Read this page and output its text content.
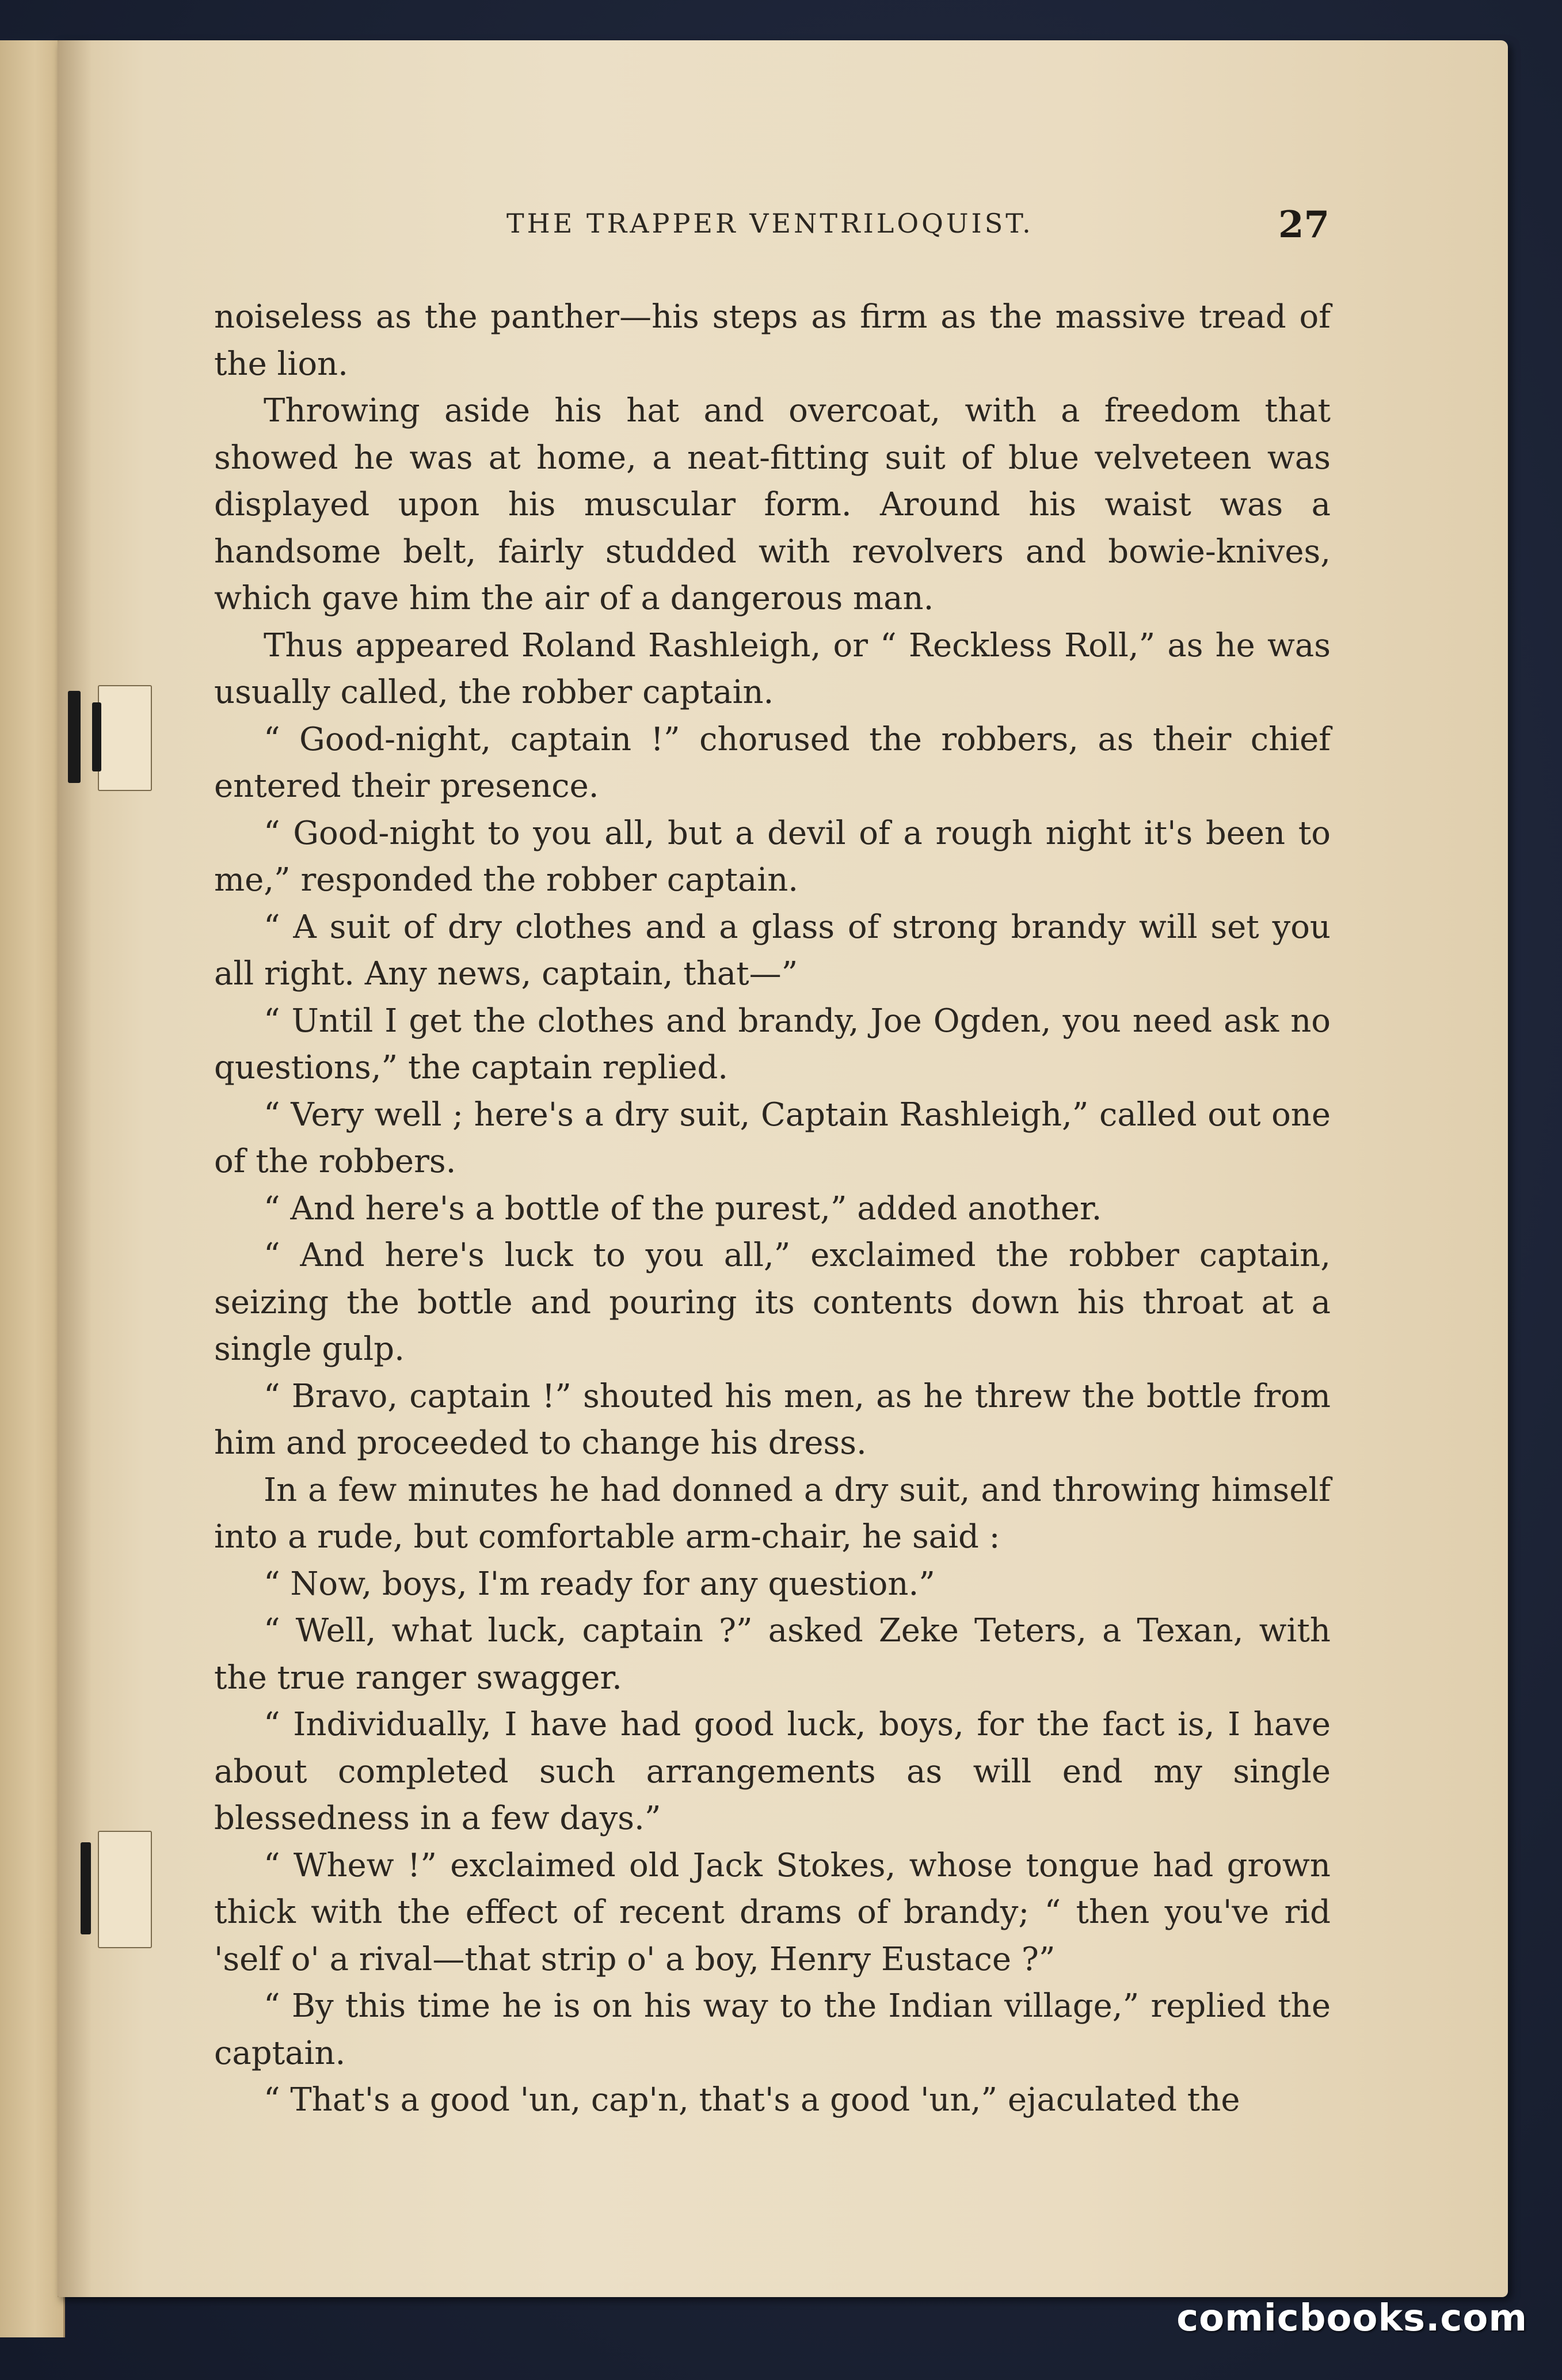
THE TRAPPER VENTRILOQUIST.	27

noiseless as the panther—his steps as firm as the massive tread of the lion.

Throwing aside his hat and overcoat, with a freedom that showed he was at home, a neat-fitting suit of blue velveteen was displayed upon his muscular form. Around his waist was a handsome belt, fairly studded with revolvers and bowie-knives, which gave him the air of a dangerous man.

Thus appeared Roland Rashleigh, or “ Reckless Roll,” as he was usually called, the robber captain.

“ Good-night, captain !” chorused the robbers, as their chief entered their presence.

“ Good-night to you all, but a devil of a rough night it's been to me,” responded the robber captain.

“ A suit of dry clothes and a glass of strong brandy will set you all right. Any news, captain, that—”

“ Until I get the clothes and brandy, Joe Ogden, you need ask no questions,” the captain replied.

“ Very well ; here's a dry suit, Captain Rashleigh,” called out one of the robbers.

“ And here's a bottle of the purest,” added another.

“ And here's luck to you all,” exclaimed the robber captain, seizing the bottle and pouring its contents down his throat at a single gulp.

“ Bravo, captain !” shouted his men, as he threw the bottle from him and proceeded to change his dress.

In a few minutes he had donned a dry suit, and throwing himself into a rude, but comfortable arm-chair, he said :

“ Now, boys, I'm ready for any question.”

“ Well, what luck, captain ?” asked Zeke Teters, a Texan, with the true ranger swagger.

“ Individually, I have had good luck, boys, for the fact is, I have about completed such arrangements as will end my single blessedness in a few days.”

“ Whew !” exclaimed old Jack Stokes, whose tongue had grown thick with the effect of recent drams of brandy; “ then you've rid 'self o' a rival—that strip o' a boy, Henry Eustace ?”

“ By this time he is on his way to the Indian village,” replied the captain.

“ That's a good 'un, cap'n, that's a good 'un,” ejaculated the

comicbooks.com
